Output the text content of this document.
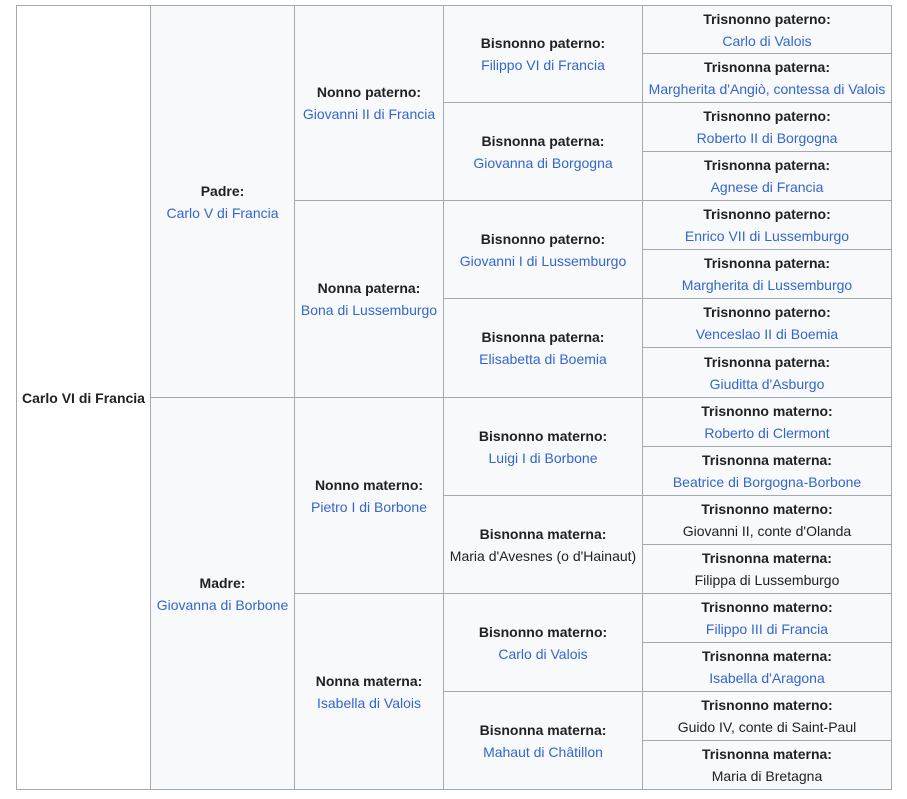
Carlo VI di Francia
Padre:
Carlo V di Francia
Madre:
Giovanna di Borbone
Nonno paterno:
Giovanni II di Francia
Nonna paterna:
Bona di Lussemburgo
Nonno materno:
Pietro I di Borbone
Nonna materna:
Isabella di Valois
Bisnonno paterno:
Filippo VI di Francia
Bisnonna paterna:
Giovanna di Borgogna
Bisnonno paterno:
Giovanni I di Lussemburgo
Bisnonna paterna:
Elisabetta di Boemia
Bisnonno materno:
Luigi I di Borbone
Bisnonna materna:
Maria d'Avesnes (o d'Hainaut)
Bisnonno materno:
Carlo di Valois
Bisnonna materna:
Mahaut di Châtillon
Trisnonno paterno:
Carlo di Valois
Trisnonna paterna:
Margherita d'Angiò, contessa di Valois
Trisnonno paterno:
Roberto II di Borgogna
Trisnonna paterna:
Agnese di Francia
Trisnonno paterno:
Enrico VII di Lussemburgo
Trisnonna paterna:
Margherita di Lussemburgo
Trisnonno paterno:
Venceslao II di Boemia
Trisnonna paterna:
Giuditta d'Asburgo
Trisnonno materno:
Roberto di Clermont
Trisnonna materna:
Beatrice di Borgogna-Borbone
Trisnonno materno:
Giovanni II, conte d'Olanda
Trisnonna materna:
Filippa di Lussemburgo
Trisnonno materno:
Filippo III di Francia
Trisnonna materna:
Isabella d'Aragona
Trisnonno materno:
Guido IV, conte di Saint-Paul
Trisnonna materna:
Maria di Bretagna
